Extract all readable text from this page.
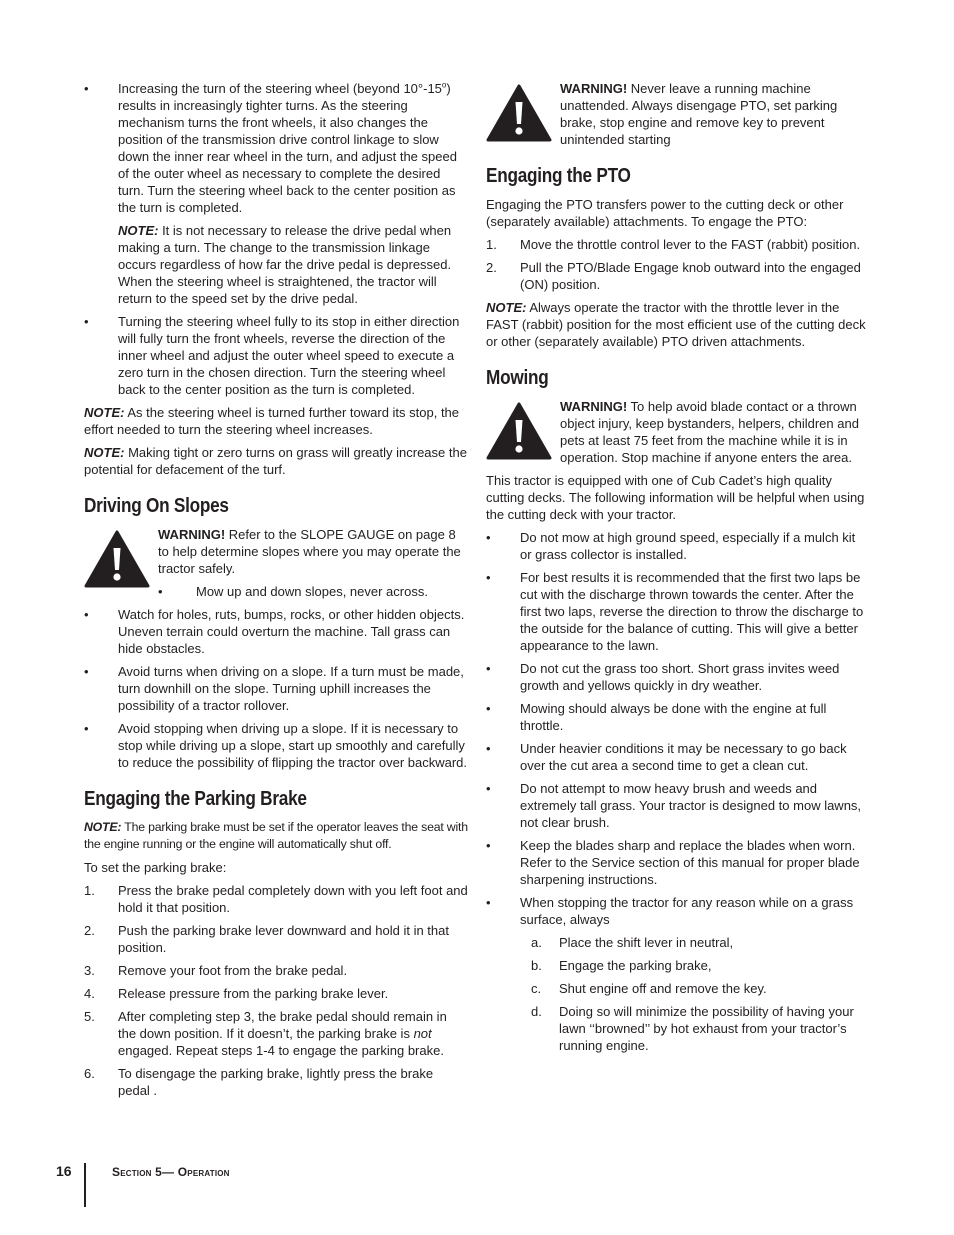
• Increasing the turn of the steering wheel (beyond 10°-15$^o$) results in increasingly tighter turns. As the steering mechanism turns the front wheels, it also changes the position of the transmission drive control linkage to slow down the inner rear wheel in the turn, and adjust the speed of the outer wheel as necessary to complete the desired turn. Turn the steering wheel back to the center position as the turn is completed.

NOTE: It is not necessary to release the drive pedal when making a turn. The change to the transmission linkage occurs regardless of how far the drive pedal is depressed. When the steering wheel is straightened, the tractor will return to the speed set by the drive pedal.

• Turning the steering wheel fully to its stop in either direction will fully turn the front wheels, reverse the direction of the inner wheel and adjust the outer wheel speed to execute a zero turn in the chosen direction. Turn the steering wheel back to the center position as the turn is completed.

NOTE: As the steering wheel is turned further toward its stop, the effort needed to turn the steering wheel increases.

NOTE: Making tight or zero turns on grass will greatly increase the potential for defacement of the turf.

Driving On Slopes
WARNING! Refer to the SLOPE GAUGE on page 8 to help determine slopes where you may operate the tractor safely.
•	Mow up and down slopes, never across.
• Watch for holes, ruts, bumps, rocks, or other hidden objects. Uneven terrain could overturn the machine. Tall grass can hide obstacles.
• Avoid turns when driving on a slope. If a turn must be made, turn downhill on the slope. Turning uphill increases the possibility of a tractor rollover.
• Avoid stopping when driving up a slope. If it is necessary to stop while driving up a slope, start up smoothly and carefully to reduce the possibility of flipping the tractor over backward.
Engaging the Parking Brake

NOTE: The parking brake must be set if the operator leaves the seat with the engine running or the engine will automatically shut off.

To set the parking brake:

1. Press the brake pedal completely down with you left foot and hold it that position.
2. Push the parking brake lever downward and hold it in that position.
3. Remove your foot from the brake pedal.
4. Release pressure from the parking brake lever.
5. After completing step 3, the brake pedal should remain in the down position. If it doesn’t, the parking brake is not engaged. Repeat steps 1-4 to engage the parking brake.
6. To disengage the parking brake, lightly press the brake pedal .
WARNING! Never leave a running machine unattended. Always disengage PTO, set parking brake, stop engine and remove key to prevent unintended starting
Engaging the PTO

Engaging the PTO transfers power to the cutting deck or other (separately available) attachments. To engage the PTO:

1. Move the throttle control lever to the FAST (rabbit) position.
2. Pull the PTO/Blade Engage knob outward into the engaged (ON) position.

NOTE: Always operate the tractor with the throttle lever in the FAST (rabbit) position for the most efficient use of the cutting deck or other (separately available) PTO driven attachments.

Mowing
WARNING! To help avoid blade contact or a thrown object injury, keep bystanders, helpers, children and pets at least 75 feet from the machine while it is in operation. Stop machine if anyone enters the area.

This tractor is equipped with one of Cub Cadet’s high quality cutting decks. The following information will be helpful when using the cutting deck with your tractor.

• Do not mow at high ground speed, especially if a mulch kit or grass collector is installed.
• For best results it is recommended that the first two laps be cut with the discharge thrown towards the center. After the first two laps, reverse the direction to throw the discharge to the outside for the balance of cutting. This will give a better appearance to the lawn.
• Do not cut the grass too short. Short grass invites weed growth and yellows quickly in dry weather.
• Mowing should always be done with the engine at full throttle.
• Under heavier conditions it may be necessary to go back over the cut area a second time to get a clean cut.
• Do not attempt to mow heavy brush and weeds and extremely tall grass. Your tractor is designed to mow lawns, not clear brush.
• Keep the blades sharp and replace the blades when worn. Refer to the Service section of this manual for proper blade sharpening instructions.
• When stopping the tractor for any reason while on a grass surface, always
a. Place the shift lever in neutral,
b. Engage the parking brake,
c. Shut engine off and remove the key.
d. Doing so will minimize the possibility of having your lawn ‘‘browned’’ by hot exhaust from your tractor’s running engine.
16	Section 5— Operation
